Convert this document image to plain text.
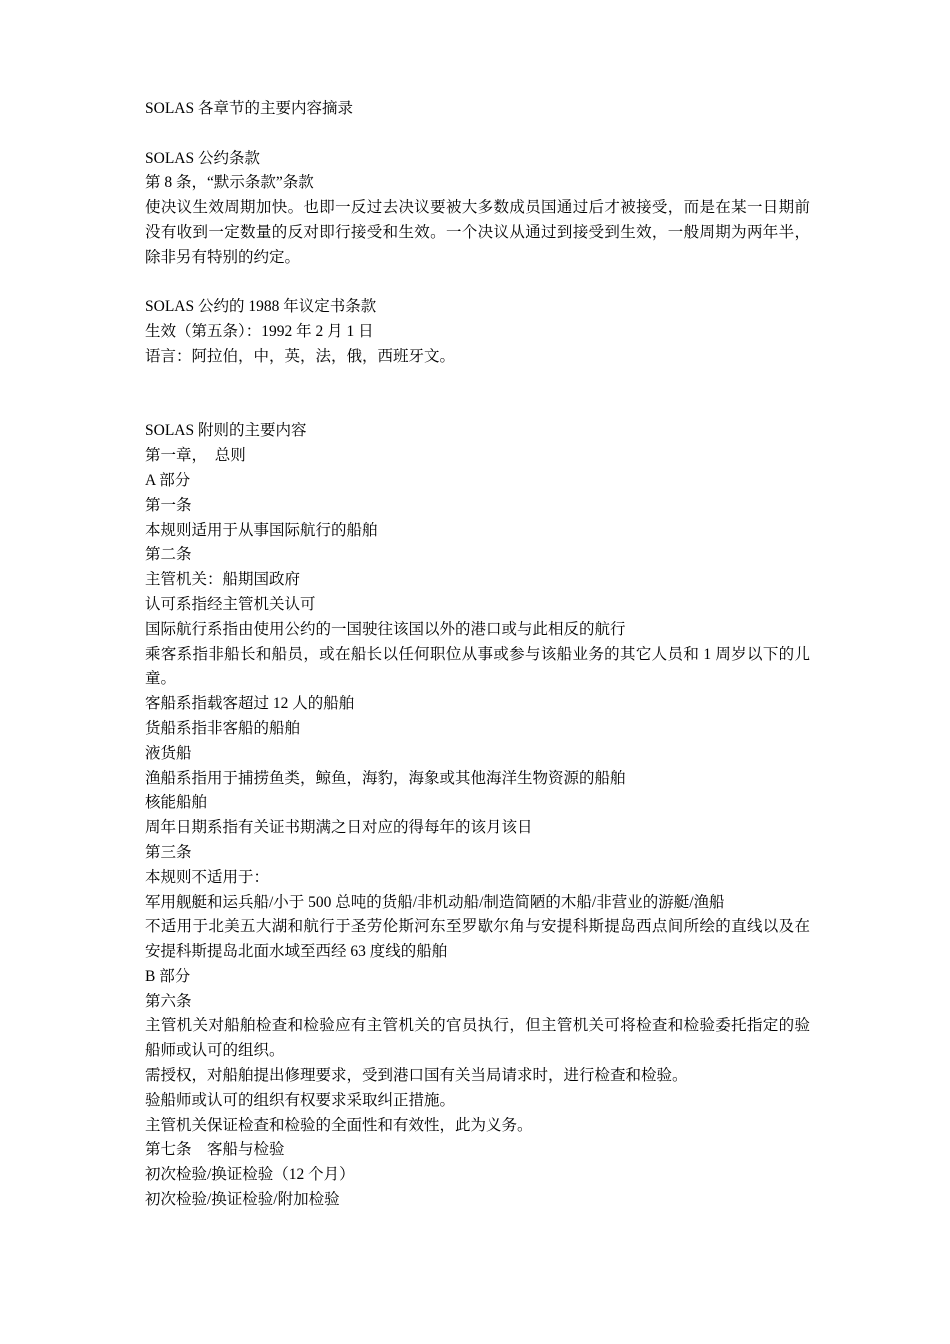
SOLAS 各章节的主要内容摘录

SOLAS 公约条款

第 8 条，“默示条款”条款

使决议生效周期加快。也即一反过去决议要被大多数成员国通过后才被接受，而是在某一日期前没有收到一定数量的反对即行接受和生效。一个决议从通过到接受到生效，一般周期为两年半，除非另有特别的约定。

SOLAS 公约的 1988 年议定书条款

生效（第五条）：1992 年 2 月 1 日

语言：阿拉伯，中，英，法，俄，西班牙文。

SOLAS 附则的主要内容

第一章，　总则

A 部分

第一条

本规则适用于从事国际航行的船舶

第二条

主管机关：船期国政府

认可系指经主管机关认可

国际航行系指由使用公约的一国驶往该国以外的港口或与此相反的航行

乘客系指非船长和船员，或在船长以任何职位从事或参与该船业务的其它人员和 1 周岁以下的儿童。

客船系指载客超过 12 人的船舶

货船系指非客船的船舶

液货船

渔船系指用于捕捞鱼类，鲸鱼，海豹，海象或其他海洋生物资源的船舶

核能船舶

周年日期系指有关证书期满之日对应的得每年的该月该日

第三条

本规则不适用于：

军用舰艇和运兵船/小于 500 总吨的货船/非机动船/制造简陋的木船/非营业的游艇/渔船

不适用于北美五大湖和航行于圣劳伦斯河东至罗歇尔角与安提科斯提岛西点间所绘的直线以及在安提科斯提岛北面水域至西经 63 度线的船舶

B 部分

第六条

主管机关对船舶检查和检验应有主管机关的官员执行，但主管机关可将检查和检验委托指定的验船师或认可的组织。

需授权，对船舶提出修理要求，受到港口国有关当局请求时，进行检查和检验。

验船师或认可的组织有权要求采取纠正措施。

主管机关保证检查和检验的全面性和有效性，此为义务。

第七条　客船与检验

初次检验/换证检验（12 个月）

初次检验/换证检验/附加检验
